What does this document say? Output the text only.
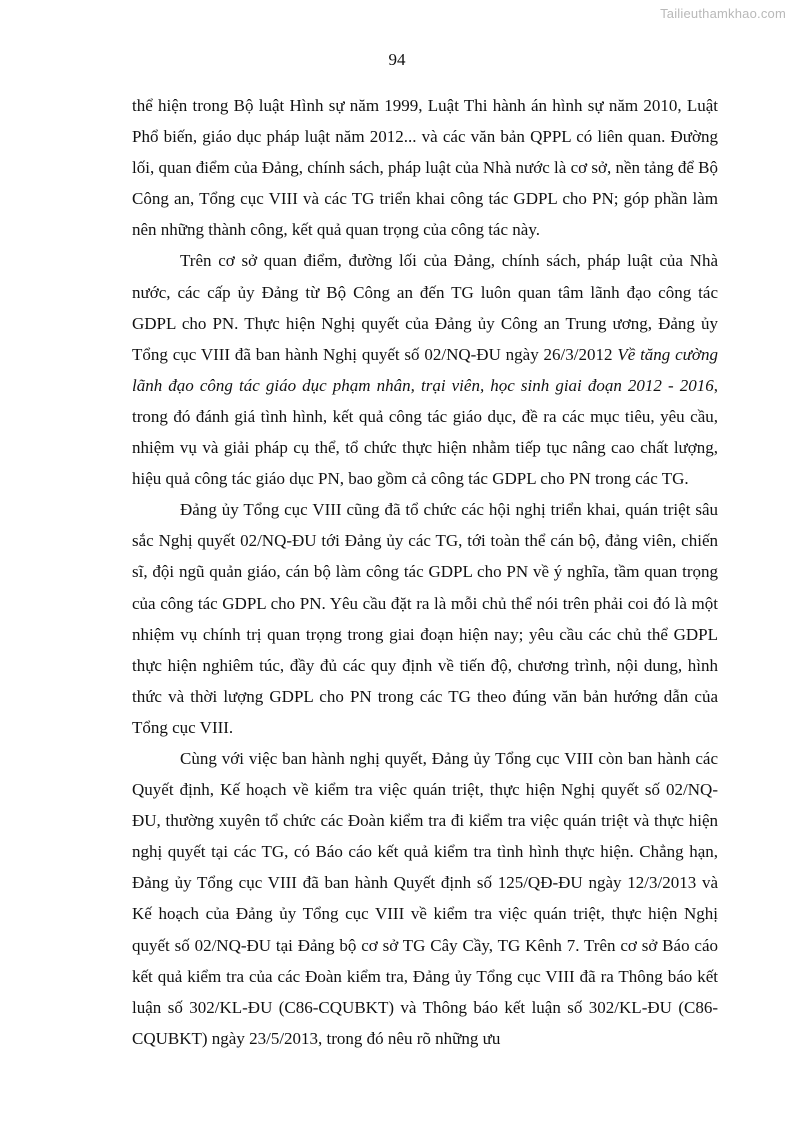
Tailieuthamkhao.com
94

thể hiện trong Bộ luật Hình sự năm 1999, Luật Thi hành án hình sự năm 2010, Luật Phổ biến, giáo dục pháp luật năm 2012... và các văn bản QPPL có liên quan. Đường lối, quan điểm của Đảng, chính sách, pháp luật của Nhà nước là cơ sở, nền tảng để Bộ Công an, Tổng cục VIII và các TG triển khai công tác GDPL cho PN; góp phần làm nên những thành công, kết quả quan trọng của công tác này.

Trên cơ sở quan điểm, đường lối của Đảng, chính sách, pháp luật của Nhà nước, các cấp ủy Đảng từ Bộ Công an đến TG luôn quan tâm lãnh đạo công tác GDPL cho PN. Thực hiện Nghị quyết của Đảng ủy Công an Trung ương, Đảng ủy Tổng cục VIII đã ban hành Nghị quyết số 02/NQ-ĐU ngày 26/3/2012 Về tăng cường lãnh đạo công tác giáo dục phạm nhân, trại viên, học sinh giai đoạn 2012 - 2016, trong đó đánh giá tình hình, kết quả công tác giáo dục, đề ra các mục tiêu, yêu cầu, nhiệm vụ và giải pháp cụ thể, tổ chức thực hiện nhằm tiếp tục nâng cao chất lượng, hiệu quả công tác giáo dục PN, bao gồm cả công tác GDPL cho PN trong các TG.

Đảng ủy Tổng cục VIII cũng đã tổ chức các hội nghị triển khai, quán triệt sâu sắc Nghị quyết 02/NQ-ĐU tới Đảng ủy các TG, tới toàn thể cán bộ, đảng viên, chiến sĩ, đội ngũ quản giáo, cán bộ làm công tác GDPL cho PN về ý nghĩa, tầm quan trọng của công tác GDPL cho PN. Yêu cầu đặt ra là mỗi chủ thể nói trên phải coi đó là một nhiệm vụ chính trị quan trọng trong giai đoạn hiện nay; yêu cầu các chủ thể GDPL thực hiện nghiêm túc, đầy đủ các quy định về tiến độ, chương trình, nội dung, hình thức và thời lượng GDPL cho PN trong các TG theo đúng văn bản hướng dẫn của Tổng cục VIII.

Cùng với việc ban hành nghị quyết, Đảng ủy Tổng cục VIII còn ban hành các Quyết định, Kế hoạch về kiểm tra việc quán triệt, thực hiện Nghị quyết số 02/NQ-ĐU, thường xuyên tổ chức các Đoàn kiểm tra đi kiểm tra việc quán triệt và thực hiện nghị quyết tại các TG, có Báo cáo kết quả kiểm tra tình hình thực hiện. Chẳng hạn, Đảng ủy Tổng cục VIII đã ban hành Quyết định số 125/QĐ-ĐU ngày 12/3/2013 và Kế hoạch của Đảng ủy Tổng cục VIII về kiểm tra việc quán triệt, thực hiện Nghị quyết số 02/NQ-ĐU tại Đảng bộ cơ sở TG Cây Cầy, TG Kênh 7. Trên cơ sở Báo cáo kết quả kiểm tra của các Đoàn kiểm tra, Đảng ủy Tổng cục VIII đã ra Thông báo kết luận số 302/KL-ĐU (C86-CQUBKT) và Thông báo kết luận số 302/KL-ĐU (C86-CQUBKT) ngày 23/5/2013, trong đó nêu rõ những ưu
